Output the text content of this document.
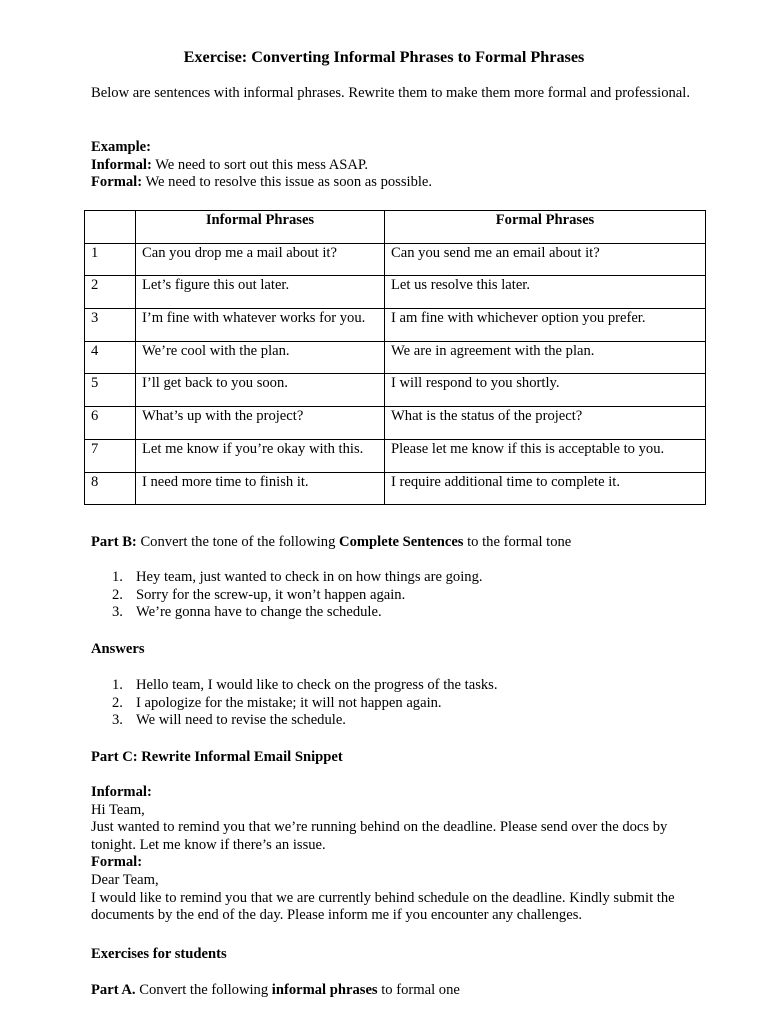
Exercise: Converting Informal Phrases to Formal Phrases

Below are sentences with informal phrases. Rewrite them to make them more formal and professional.

Example:
Informal: We need to sort out this mess ASAP.
Formal: We need to resolve this issue as soon as possible.
	Informal Phrases	Formal Phrases
1	Can you drop me a mail about it?	Can you send me an email about it?
2	Let’s figure this out later.	Let us resolve this later.
3	I’m fine with whatever works for you.	I am fine with whichever option you prefer.
4	We’re cool with the plan.	We are in agreement with the plan.
5	I’ll get back to you soon.	I will respond to you shortly.
6	What’s up with the project?	What is the status of the project?
7	Let me know if you’re okay with this.	Please let me know if this is acceptable to you.
8	I need more time to finish it.	I require additional time to complete it.

Part B: Convert the tone of the following Complete Sentences to the formal tone

1. Hey team, just wanted to check in on how things are going.
2. Sorry for the screw-up, it won’t happen again.
3. We’re gonna have to change the schedule.

Answers

1. Hello team, I would like to check on the progress of the tasks.
2. I apologize for the mistake; it will not happen again.
3. We will need to revise the schedule.

Part C: Rewrite Informal Email Snippet

Informal:
Hi Team,
Just wanted to remind you that we’re running behind on the deadline. Please send over the docs by tonight. Let me know if there’s an issue.
Formal:
Dear Team,
I would like to remind you that we are currently behind schedule on the deadline. Kindly submit the documents by the end of the day. Please inform me if you encounter any challenges.

Exercises for students

Part A. Convert the following informal phrases to formal one
